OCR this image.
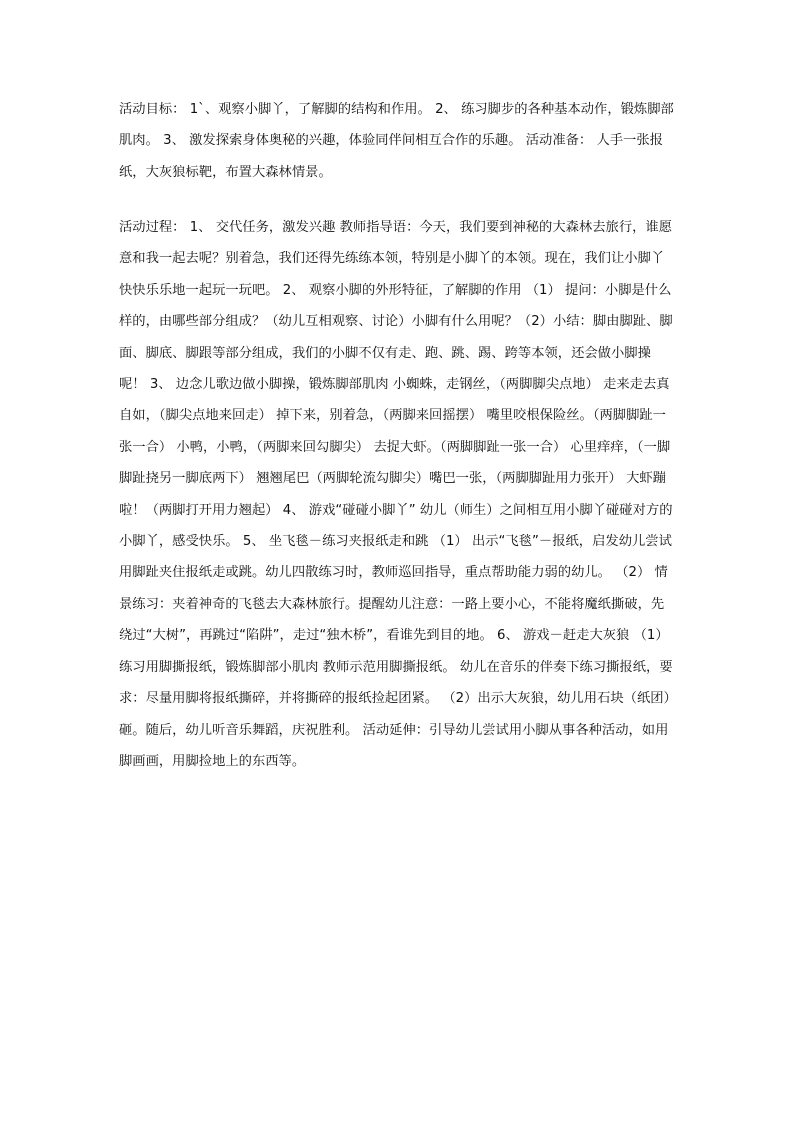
活动目标： 1`、观察小脚丫，了解脚的结构和作用。 2、 练习脚步的各种基本动作，锻炼脚部肌肉。 3、 激发探索身体奥秘的兴趣，体验同伴间相互合作的乐趣。 活动准备： 人手一张报纸，大灰狼标靶，布置大森林情景。
活动过程： 1、 交代任务，激发兴趣 教师指导语：今天，我们要到神秘的大森林去旅行，谁愿意和我一起去呢？别着急，我们还得先练练本领，特别是小脚丫的本领。现在，我们让小脚丫快快乐乐地一起玩一玩吧。 2、 观察小脚的外形特征，了解脚的作用 （1） 提问：小脚是什么样的，由哪些部分组成？（幼儿互相观察、讨论）小脚有什么用呢？（2）小结：脚由脚趾、脚面、脚底、脚跟等部分组成，我们的小脚不仅有走、跑、跳、踢、跨等本领，还会做小脚操呢！ 3、 边念儿歌边做小脚操，锻炼脚部肌肉 小蜘蛛，走钢丝，（两脚脚尖点地） 走来走去真自如，（脚尖点地来回走） 掉下来，别着急，（两脚来回摇摆） 嘴里咬根保险丝。（两脚脚趾一张一合） 小鸭，小鸭，（两脚来回勾脚尖） 去捉大虾。（两脚脚趾一张一合） 心里痒痒，（一脚脚趾挠另一脚底两下） 翘翘尾巴（两脚轮流勾脚尖）嘴巴一张，（两脚脚趾用力张开） 大虾蹦啦！（两脚打开用力翘起） 4、 游戏“碰碰小脚丫” 幼儿（师生）之间相互用小脚丫碰碰对方的小脚丫，感受快乐。 5、 坐飞毯－练习夹报纸走和跳 （1） 出示“飞毯”－报纸，启发幼儿尝试用脚趾夹住报纸走或跳。幼儿四散练习时，教师巡回指导，重点帮助能力弱的幼儿。 （2） 情景练习：夹着神奇的飞毯去大森林旅行。提醒幼儿注意：一路上要小心，不能将魔纸撕破，先绕过“大树”，再跳过“陷阱”，走过“独木桥”，看谁先到目的地。 6、 游戏－赶走大灰狼 （1）练习用脚撕报纸，锻炼脚部小肌肉 教师示范用脚撕报纸。 幼儿在音乐的伴奏下练习撕报纸，要求：尽量用脚将报纸撕碎，并将撕碎的报纸捡起团紧。 （2）出示大灰狼，幼儿用石块（纸团）砸。随后，幼儿听音乐舞蹈，庆祝胜利。 活动延伸：引导幼儿尝试用小脚从事各种活动，如用脚画画，用脚捡地上的东西等。
